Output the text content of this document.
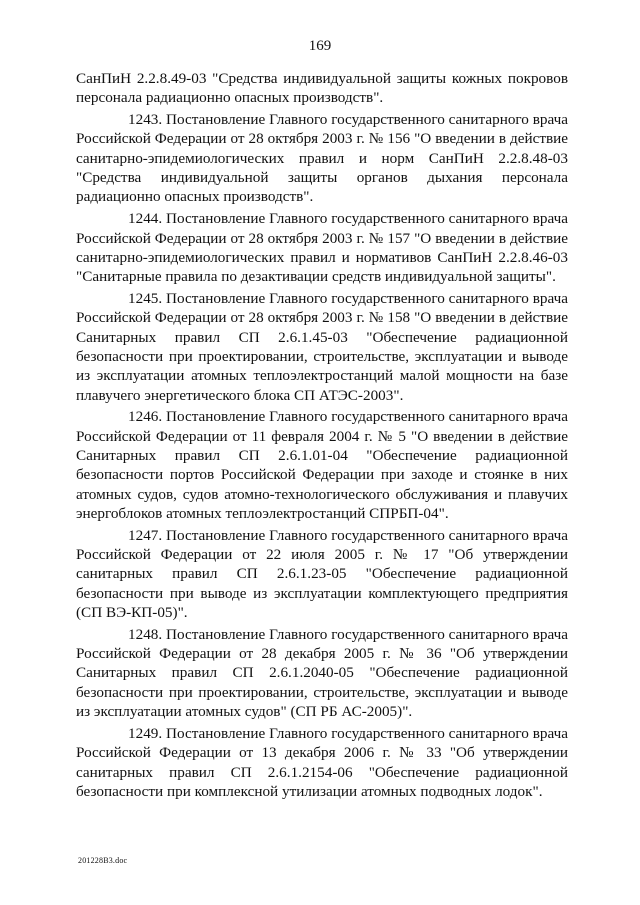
169

СанПиН 2.2.8.49-03 "Средства индивидуальной защиты кожных покровов персонала радиационно опасных производств".

1243. Постановление Главного государственного санитарного врача Российской Федерации от 28 октября 2003 г. № 156 "О введении в действие санитарно-эпидемиологических правил и норм СанПиН 2.2.8.48-03 "Средства индивидуальной защиты органов дыхания персонала радиационно опасных производств".

1244. Постановление Главного государственного санитарного врача Российской Федерации от 28 октября 2003 г. № 157 "О введении в действие санитарно-эпидемиологических правил и нормативов СанПиН 2.2.8.46-03 "Санитарные правила по дезактивации средств индивидуальной защиты".

1245. Постановление Главного государственного санитарного врача Российской Федерации от 28 октября 2003 г. № 158 "О введении в действие Санитарных правил СП 2.6.1.45-03 "Обеспечение радиационной безопасности при проектировании, строительстве, эксплуатации и выводе из эксплуатации атомных теплоэлектростанций малой мощности на базе плавучего энергетического блока СП АТЭС-2003".

1246. Постановление Главного государственного санитарного врача Российской Федерации от 11 февраля 2004 г. № 5 "О введении в действие Санитарных правил СП 2.6.1.01-04 "Обеспечение радиационной безопасности портов Российской Федерации при заходе и стоянке в них атомных судов, судов атомно-технологического обслуживания и плавучих энергоблоков атомных теплоэлектростанций СПРБП-04".

1247. Постановление Главного государственного санитарного врача Российской Федерации от 22 июля 2005 г. № 17 "Об утверждении санитарных правил СП 2.6.1.23-05 "Обеспечение радиационной безопасности при выводе из эксплуатации комплектующего предприятия (СП ВЭ-КП-05)".

1248. Постановление Главного государственного санитарного врача Российской Федерации от 28 декабря 2005 г. № 36 "Об утверждении Санитарных правил СП 2.6.1.2040-05 "Обеспечение радиационной безопасности при проектировании, строительстве, эксплуатации и выводе из эксплуатации атомных судов" (СП РБ АС-2005)".

1249. Постановление Главного государственного санитарного врача Российской Федерации от 13 декабря 2006 г. № 33 "Об утверждении санитарных правил СП 2.6.1.2154-06 "Обеспечение радиационной безопасности при комплексной утилизации атомных подводных лодок".

201228B3.doc
